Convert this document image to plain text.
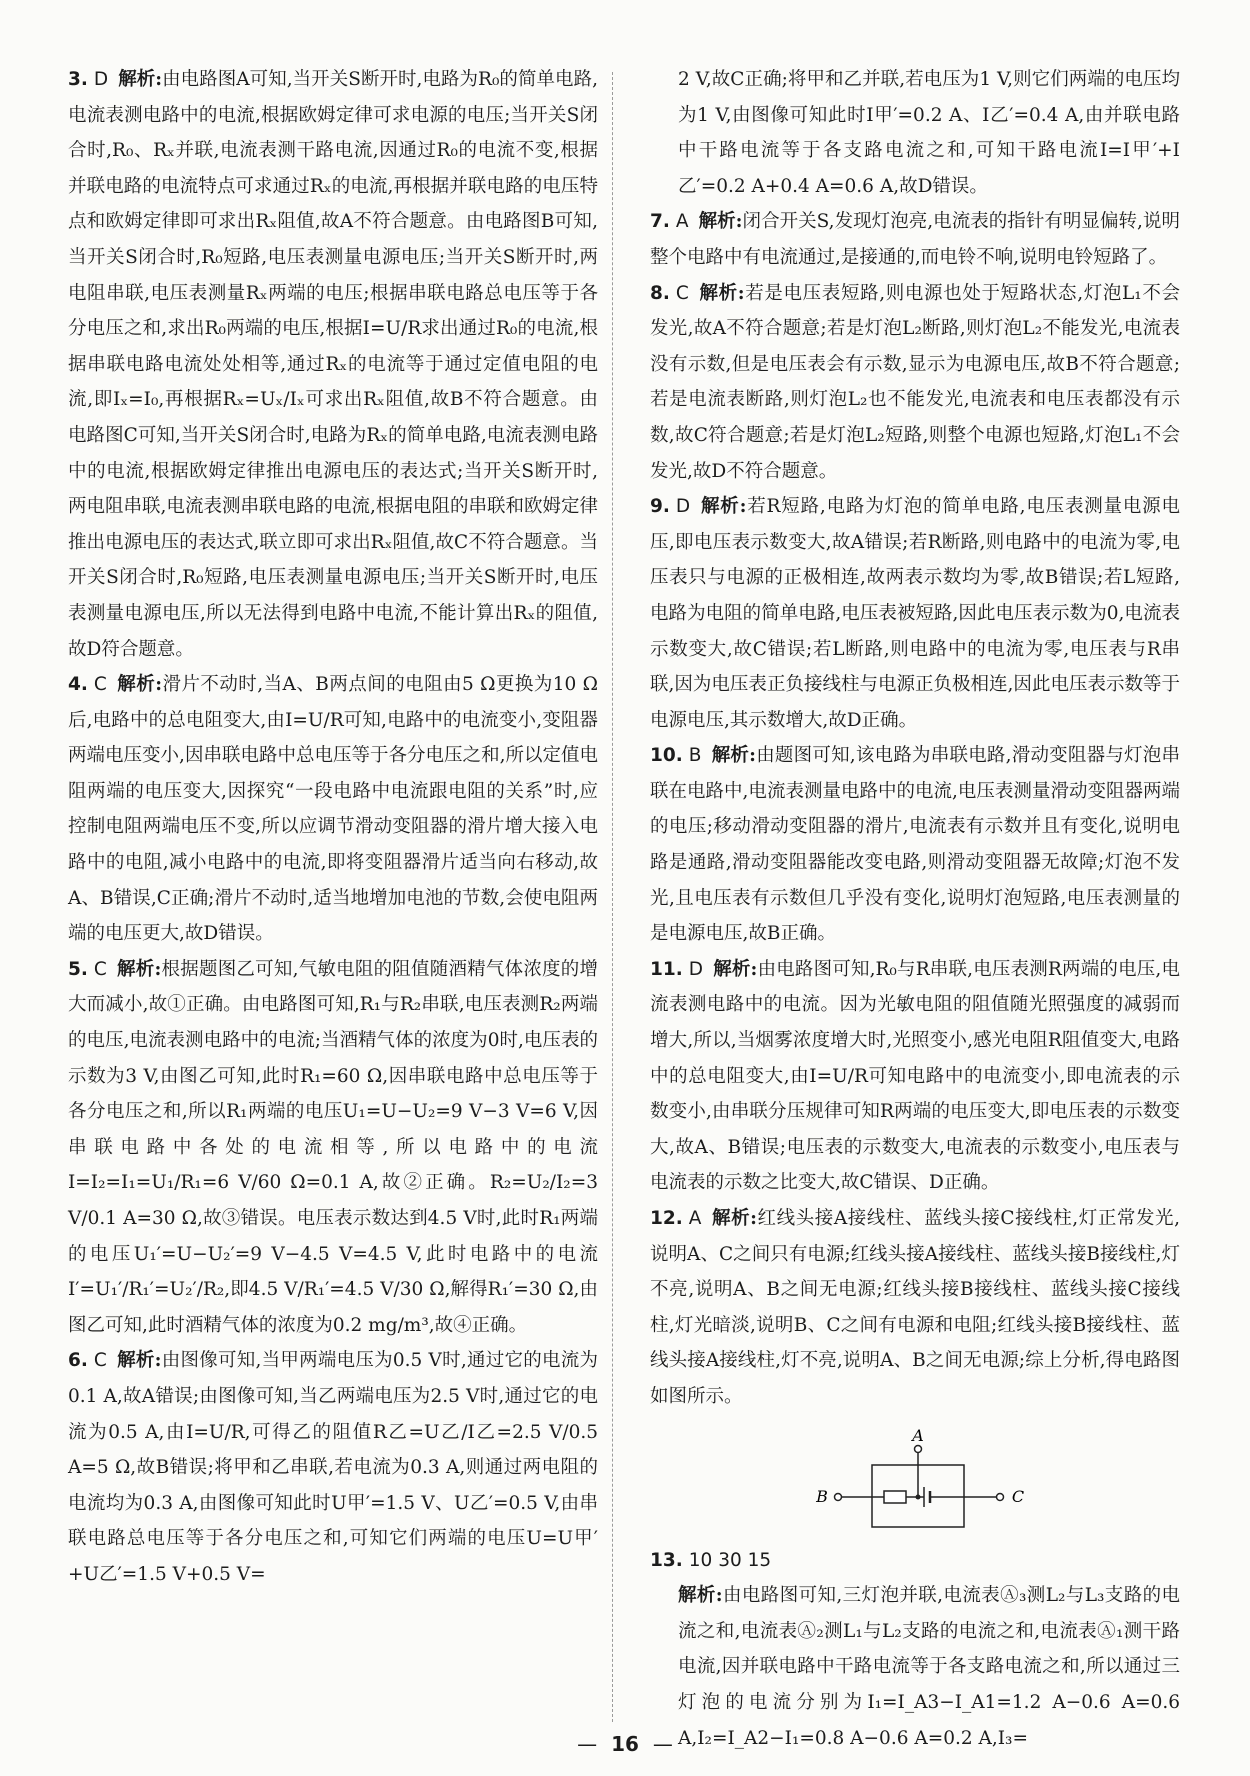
3. D 解析:由电路图A可知,当开关S断开时,电路为R₀的简单电路,电流表测电路中的电流,根据欧姆定律可求电源的电压;当开关S闭合时,R₀、Rₓ并联,电流表测干路电流,因通过R₀的电流不变,根据并联电路的电流特点可求通过Rₓ的电流,再根据并联电路的电压特点和欧姆定律即可求出Rₓ阻值,故A不符合题意。由电路图B可知,当开关S闭合时,R₀短路,电压表测量电源电压;当开关S断开时,两电阻串联,电压表测量Rₓ两端的电压;根据串联电路总电压等于各分电压之和,求出R₀两端的电压,根据I=U/R求出通过R₀的电流,根据串联电路电流处处相等,通过Rₓ的电流等于通过定值电阻的电流,即Iₓ=I₀,再根据Rₓ=Uₓ/Iₓ可求出Rₓ阻值,故B不符合题意。由电路图C可知,当开关S闭合时,电路为Rₓ的简单电路,电流表测电路中的电流,根据欧姆定律推出电源电压的表达式;当开关S断开时,两电阻串联,电流表测串联电路的电流,根据电阻的串联和欧姆定律推出电源电压的表达式,联立即可求出Rₓ阻值,故C不符合题意。当开关S闭合时,R₀短路,电压表测量电源电压;当开关S断开时,电压表测量电源电压,所以无法得到电路中电流,不能计算出Rₓ的阻值,故D符合题意。

4. C 解析:滑片不动时,当A、B两点间的电阻由5 Ω更换为10 Ω后,电路中的总电阻变大,由I=U/R可知,电路中的电流变小,变阻器两端电压变小,因串联电路中总电压等于各分电压之和,所以定值电阻两端的电压变大,因探究“一段电路中电流跟电阻的关系”时,应控制电阻两端电压不变,所以应调节滑动变阻器的滑片增大接入电路中的电阻,减小电路中的电流,即将变阻器滑片适当向右移动,故A、B错误,C正确;滑片不动时,适当地增加电池的节数,会使电阻两端的电压更大,故D错误。

5. C 解析:根据题图乙可知,气敏电阻的阻值随酒精气体浓度的增大而减小,故①正确。由电路图可知,R₁与R₂串联,电压表测R₂两端的电压,电流表测电路中的电流;当酒精气体的浓度为0时,电压表的示数为3 V,由图乙可知,此时R₁=60 Ω,因串联电路中总电压等于各分电压之和,所以R₁两端的电压U₁=U−U₂=9 V−3 V=6 V,因串联电路中各处的电流相等,所以电路中的电流 I=I₂=I₁=U₁/R₁=6 V/60 Ω=0.1 A,故②正确。R₂=U₂/I₂=3 V/0.1 A=30 Ω,故③错误。电压表示数达到4.5 V时,此时R₁两端的电压U₁′=U−U₂′=9 V−4.5 V=4.5 V,此时电路中的电流 I′=U₁′/R₁′=U₂′/R₂,即4.5 V/R₁′=4.5 V/30 Ω,解得R₁′=30 Ω,由图乙可知,此时酒精气体的浓度为0.2 mg/m³,故④正确。

6. C 解析:由图像可知,当甲两端电压为0.5 V时,通过它的电流为0.1 A,故A错误;由图像可知,当乙两端电压为2.5 V时,通过它的电流为0.5 A,由I=U/R,可得乙的阻值R乙=U乙/I乙=2.5 V/0.5 A=5 Ω,故B错误;将甲和乙串联,若电流为0.3 A,则通过两电阻的电流均为0.3 A,由图像可知此时U甲′=1.5 V、U乙′=0.5 V,由串联电路总电压等于各分电压之和,可知它们两端的电压U=U甲′+U乙′=1.5 V+0.5 V=

2 V,故C正确;将甲和乙并联,若电压为1 V,则它们两端的电压均为1 V,由图像可知此时I甲′=0.2 A、I乙′=0.4 A,由并联电路中干路电流等于各支路电流之和,可知干路电流I=I甲′+I乙′=0.2 A+0.4 A=0.6 A,故D错误。

7. A 解析:闭合开关S,发现灯泡亮,电流表的指针有明显偏转,说明整个电路中有电流通过,是接通的,而电铃不响,说明电铃短路了。

8. C 解析:若是电压表短路,则电源也处于短路状态,灯泡L₁不会发光,故A不符合题意;若是灯泡L₂断路,则灯泡L₂不能发光,电流表没有示数,但是电压表会有示数,显示为电源电压,故B不符合题意;若是电流表断路,则灯泡L₂也不能发光,电流表和电压表都没有示数,故C符合题意;若是灯泡L₂短路,则整个电源也短路,灯泡L₁不会发光,故D不符合题意。

9. D 解析:若R短路,电路为灯泡的简单电路,电压表测量电源电压,即电压表示数变大,故A错误;若R断路,则电路中的电流为零,电压表只与电源的正极相连,故两表示数均为零,故B错误;若L短路,电路为电阻的简单电路,电压表被短路,因此电压表示数为0,电流表示数变大,故C错误;若L断路,则电路中的电流为零,电压表与R串联,因为电压表正负接线柱与电源正负极相连,因此电压表示数等于电源电压,其示数增大,故D正确。

10. B 解析:由题图可知,该电路为串联电路,滑动变阻器与灯泡串联在电路中,电流表测量电路中的电流,电压表测量滑动变阻器两端的电压;移动滑动变阻器的滑片,电流表有示数并且有变化,说明电路是通路,滑动变阻器能改变电路,则滑动变阻器无故障;灯泡不发光,且电压表有示数但几乎没有变化,说明灯泡短路,电压表测量的是电源电压,故B正确。

11. D 解析:由电路图可知,R₀与R串联,电压表测R两端的电压,电流表测电路中的电流。因为光敏电阻的阻值随光照强度的减弱而增大,所以,当烟雾浓度增大时,光照变小,感光电阻R阻值变大,电路中的总电阻变大,由I=U/R可知电路中的电流变小,即电流表的示数变小,由串联分压规律可知R两端的电压变大,即电压表的示数变大,故A、B错误;电压表的示数变大,电流表的示数变小,电压表与电流表的示数之比变大,故C错误、D正确。

12. A 解析:红线头接A接线柱、蓝线头接C接线柱,灯正常发光,说明A、C之间只有电源;红线头接A接线柱、蓝线头接B接线柱,灯不亮,说明A、B之间无电源;红线头接B接线柱、蓝线头接C接线柱,灯光暗淡,说明B、C之间有电源和电阻;红线头接B接线柱、蓝线头接A接线柱,灯不亮,说明A、B之间无电源;综上分析,得电路图如图所示。

A
B	C

13. 10 30 15

解析:由电路图可知,三灯泡并联,电流表Ⓐ₃测L₂与L₃支路的电流之和,电流表Ⓐ₂测L₁与L₂支路的电流之和,电流表Ⓐ₁测干路电流,因并联电路中干路电流等于各支路电流之和,所以通过三灯泡的电流分别为I₁=I_A3−I_A1=1.2 A−0.6 A=0.6 A,I₂=I_A2−I₁=0.8 A−0.6 A=0.2 A,I₃=

— 16 —
